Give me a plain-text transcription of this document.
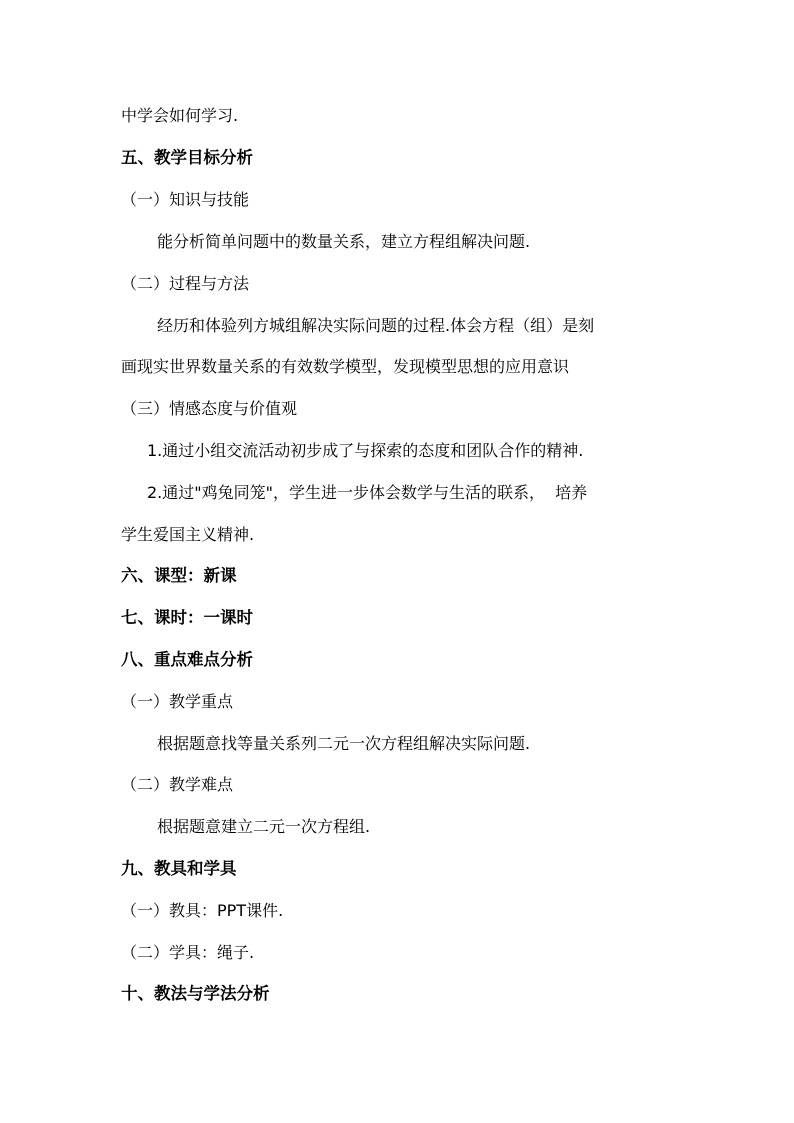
中学会如何学习.
五、教学目标分析
（一）知识与技能
能分析简单问题中的数量关系，建立方程组解决问题.
（二）过程与方法
经历和体验列方城组解决实际问题的过程.体会方程（组）是刻
画现实世界数量关系的有效数学模型，发现模型思想的应用意识
（三）情感态度与价值观
1.通过小组交流活动初步成了与探索的态度和团队合作的精神.
2.通过"鸡兔同笼"，学生进一步体会数学与生活的联系，  培养
学生爱国主义精神.
六、课型：新课
七、课时：一课时
八、重点难点分析
（一）教学重点
根据题意找等量关系列二元一次方程组解决实际问题.
（二）教学难点
根据题意建立二元一次方程组.
九、教具和学具
（一）教具：PPT课件.
（二）学具：绳子.
十、教法与学法分析
